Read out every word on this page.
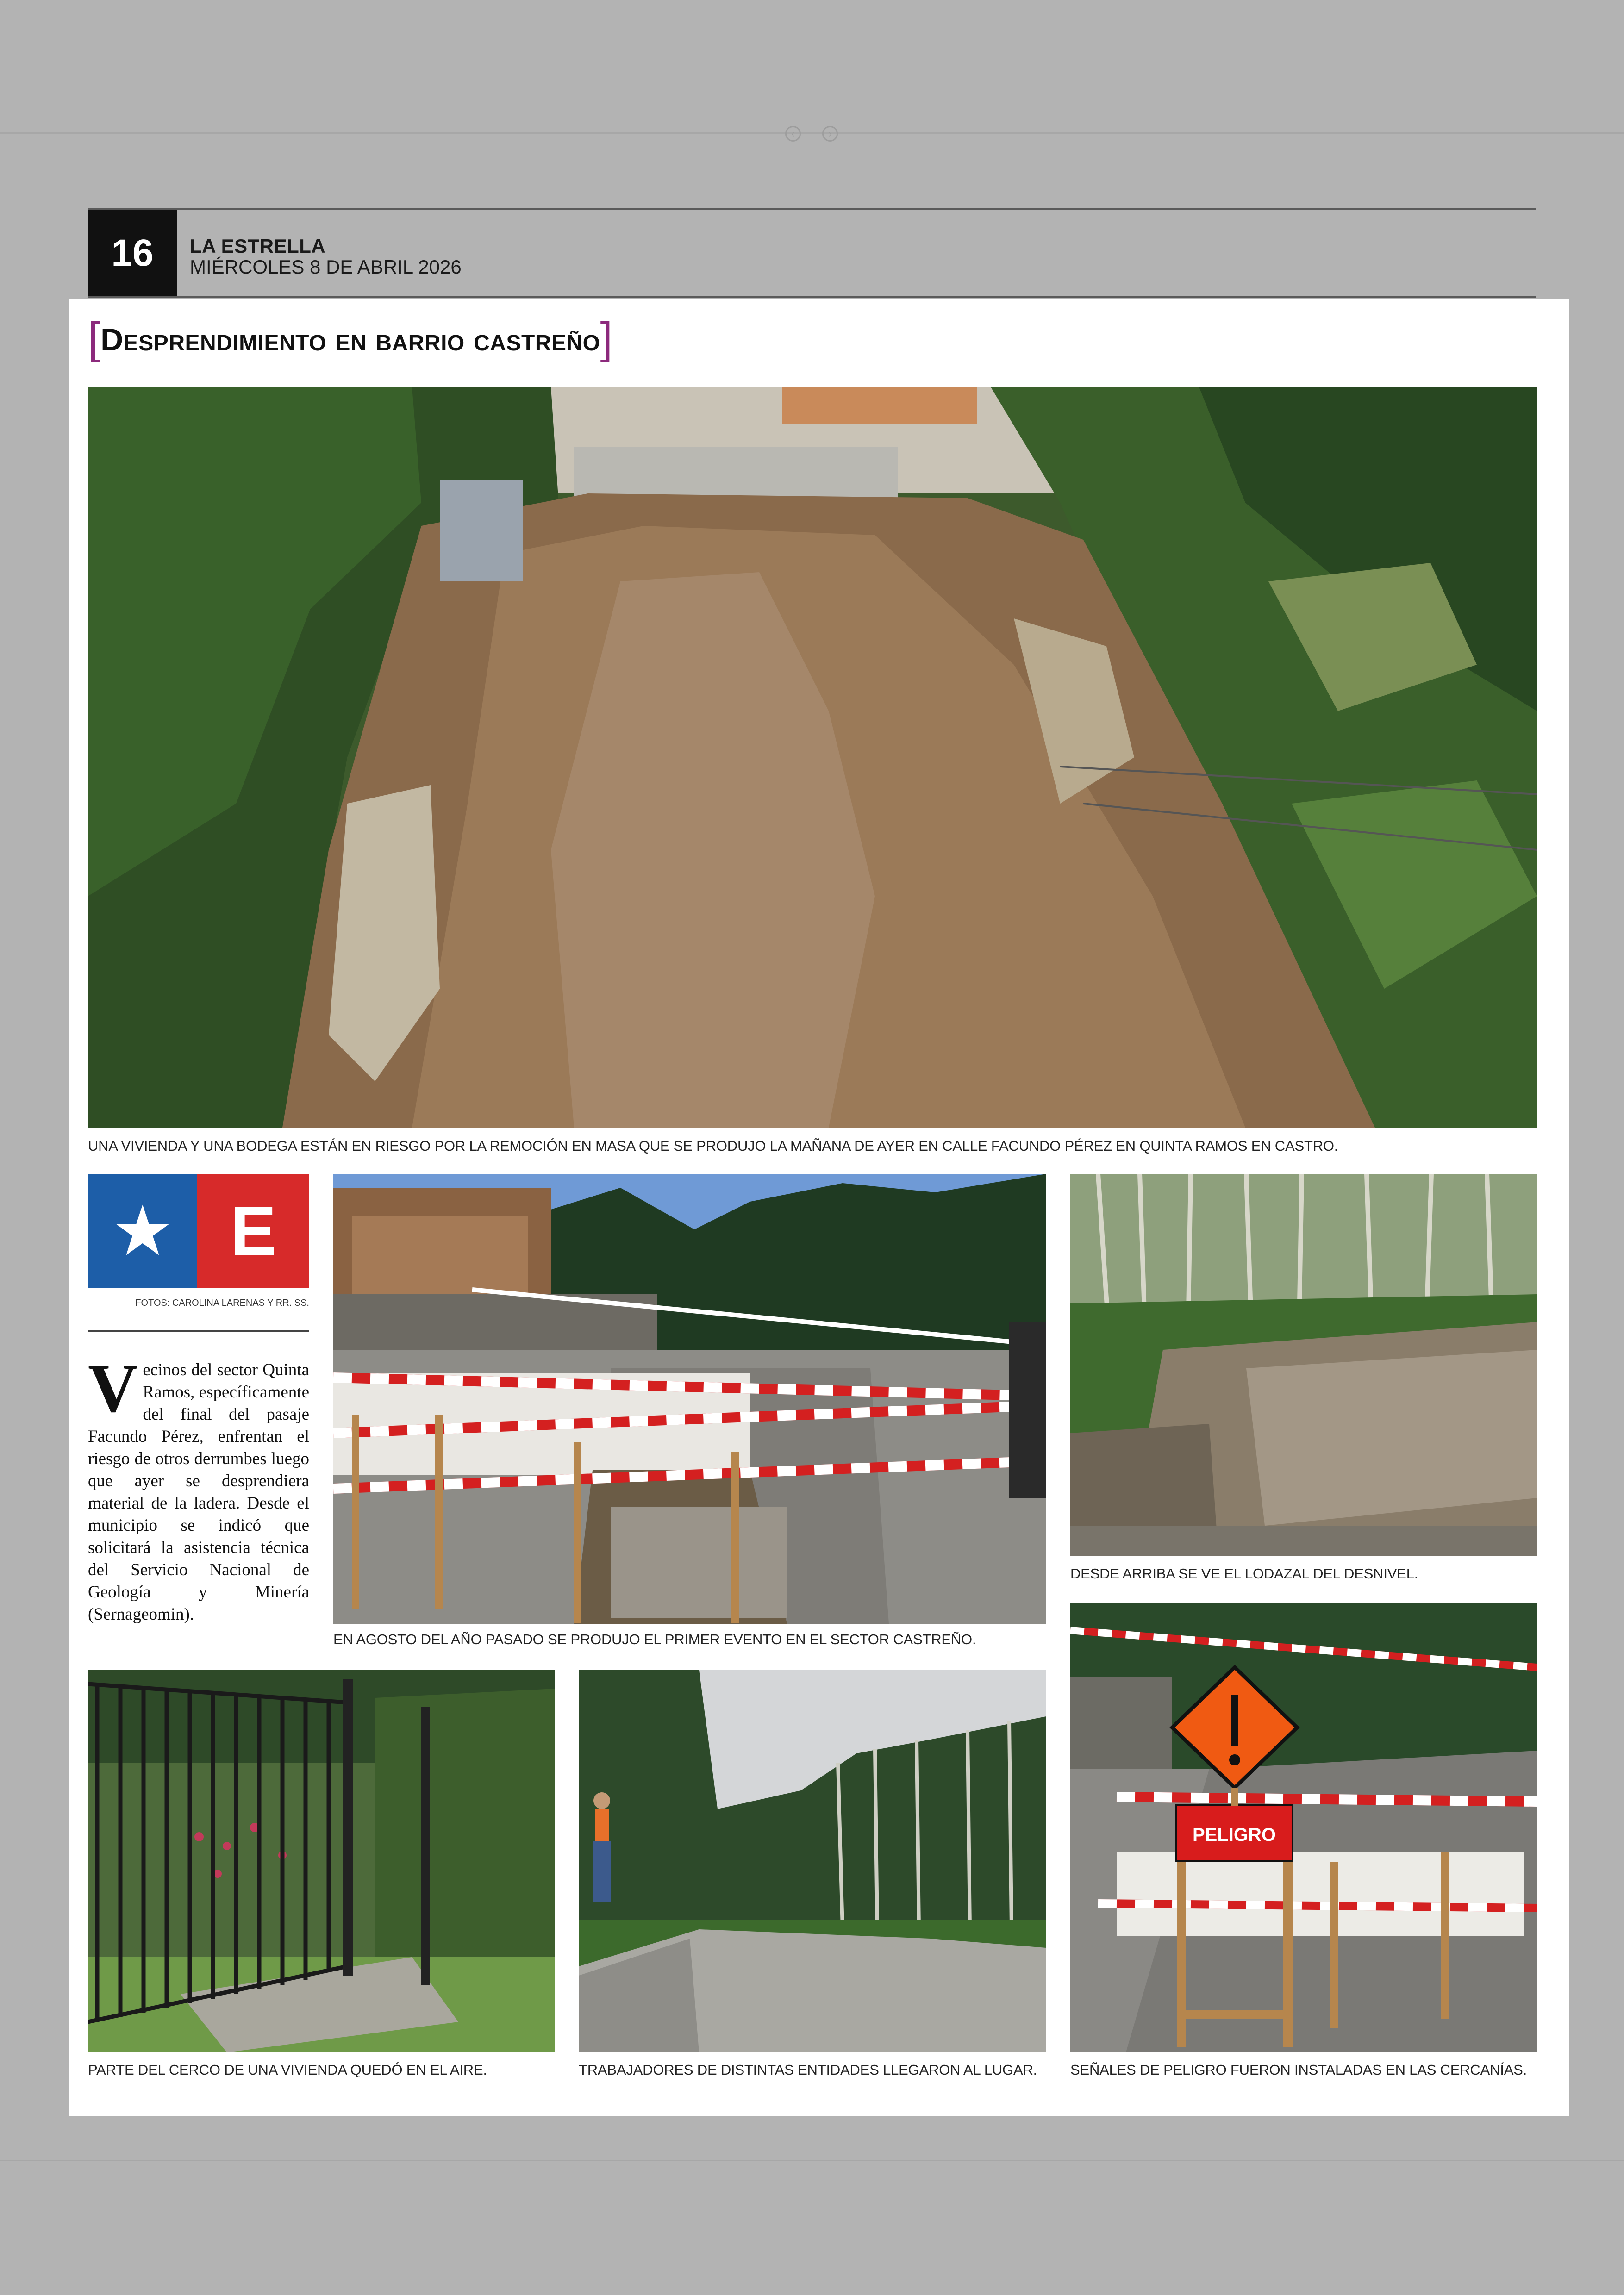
‹	›
16	LA ESTRELLA
MIÉRCOLES 8 DE ABRIL 2026
[Desprendimiento en barrio castreño]
UNA VIVIENDA Y UNA BODEGA ESTÁN EN RIESGO POR LA REMOCIÓN EN MASA QUE SE PRODUJO LA MAÑANA DE AYER EN CALLE FACUNDO PÉREZ EN QUINTA RAMOS EN CASTRO.
★ E
FOTOS: CAROLINA LARENAS Y RR. SS.
Vecinos del sector Quinta Ramos, específicamente del final del pasaje Facundo Pérez, enfrentan el riesgo de otros derrumbes luego que ayer se desprendiera material de la ladera. Desde el municipio se indicó que solicitará la asistencia técnica del Servicio Nacional de Geología y Minería (Sernageomin).
EN AGOSTO DEL AÑO PASADO SE PRODUJO EL PRIMER EVENTO EN EL SECTOR CASTREÑO.
DESDE ARRIBA SE VE EL LODAZAL DEL DESNIVEL.
PARTE DEL CERCO DE UNA VIVIENDA QUEDÓ EN EL AIRE.	TRABAJADORES DE DISTINTAS ENTIDADES LLEGARON AL LUGAR.
PELIGRO
SEÑALES DE PELIGRO FUERON INSTALADAS EN LAS CERCANÍAS.
